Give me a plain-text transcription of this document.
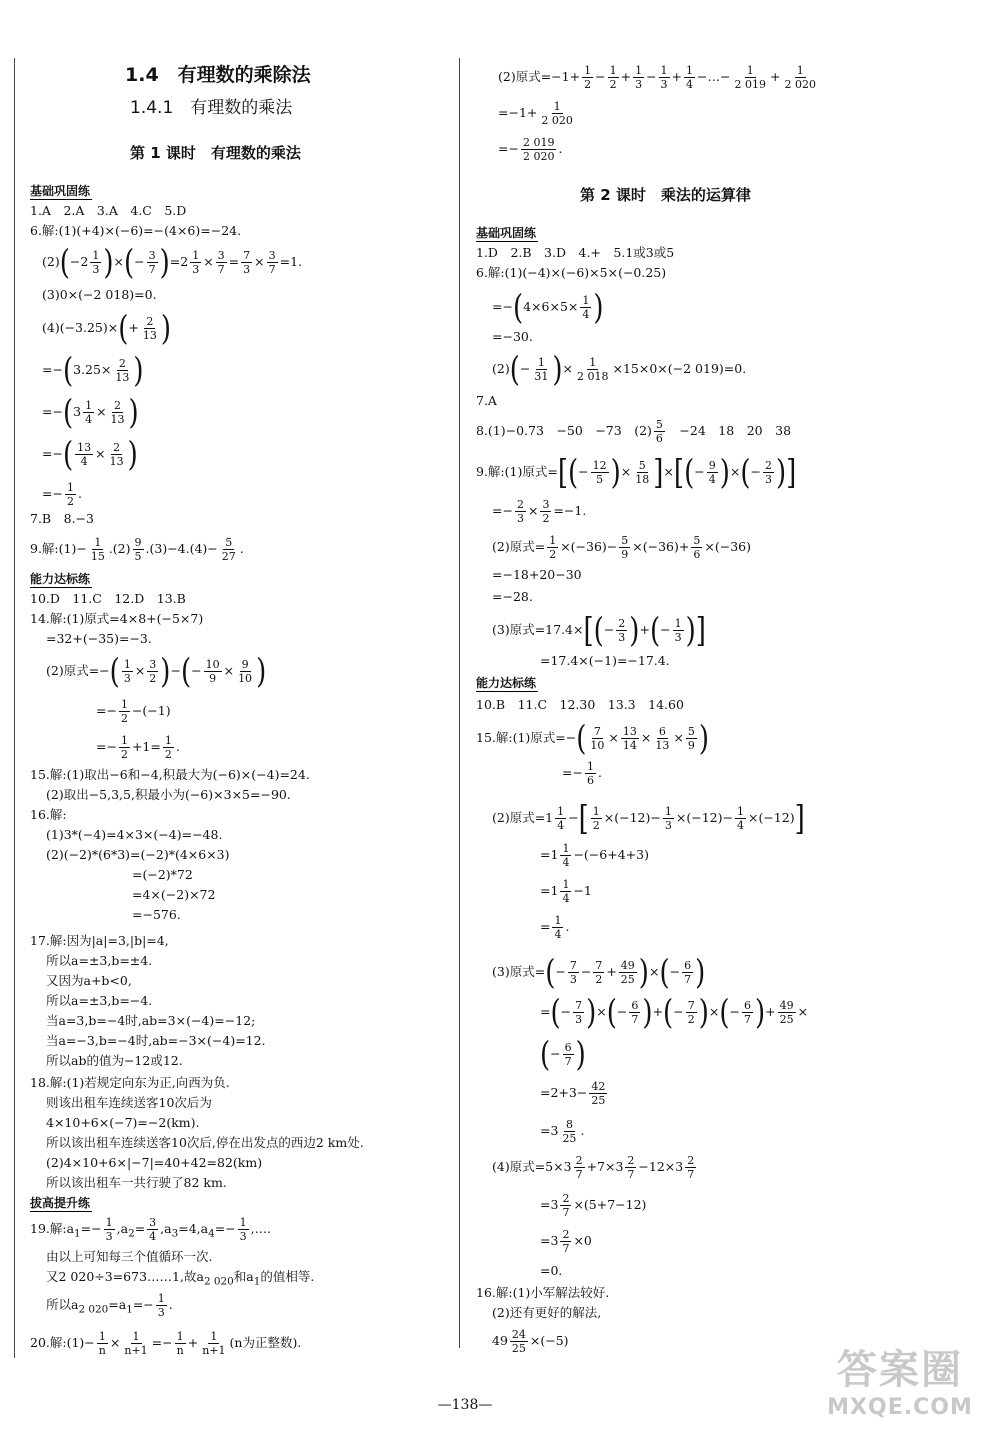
1.4　有理数的乘除法
1.4.1　有理数的乘法
第 1 课时　有理数的乘法
基础巩固练
1.A　2.A　3.A　4.C　5.D
6.解:(1)(+4)×(−6)=−(4×6)=−24.
$(2)(-2 \frac{1}{3}$ )×(− $\frac{3}{7} )=2 \frac{1}{3} \times \frac{3}{7} = \frac{7}{3} \times \frac{3}{7} =1$.
(3)0×(−2 018)=0.
$(4)(-3.25)\times(+ \frac{2}{13}$ )
$=-(3.25\times \frac{2}{13}$ )
$=-(3 \frac{1}{4} \times \frac{2}{13}$ )
=−( $\frac{13}{4} \times \frac{2}{13}$ )
=− $\frac{1}{2}$ .
7.B　8.−3
9.解:(1)− $\frac{1}{15} .(2) \frac{9}{5} .(3)-4.(4)- \frac{5}{27}$ .
能力达标练
10.D　11.C　12.D　13.B
14.解:(1)原式=4×8+(−5×7)
=32+(−35)=−3.
(2)原式=−( $\frac{1}{3} \times \frac{3}{2}$ )−(− $\frac{10}{9} \times \frac{9}{10}$ )
=− $\frac{1}{2} -(-1)$
=− $\frac{1}{2} +1= \frac{1}{2}$ .
15.解:(1)取出−6和−4,积最大为(−6)×(−4)=24.
(2)取出−5,3,5,积最小为(−6)×3×5=−90.
16.解:
(1)3*(−4)=4×3×(−4)=−48.
(2)(−2)*(6*3)=(−2)*(4×6×3)
=(−2)*72
=4×(−2)×72
=−576.
17.解:因为|a|=3,|b|=4,
所以a=±3,b=±4.
又因为a+b<0,
所以a=±3,b=−4.
当a=3,b=−4时,ab=3×(−4)=−12;
当a=−3,b=−4时,ab=−3×(−4)=12.
所以ab的值为−12或12.
18.解:(1)若规定向东为正,向西为负.
则该出租车连续送客10次后为
4×10+6×(−7)=−2(km).
所以该出租车连续送客10次后,停在出发点的西边2 km处.
(2)4×10+6×|−7|=40+42=82(km)
所以该出租车一共行驶了82 km.
拔高提升练
19.解$:a_1=- \frac{1}{3} ,a_2= \frac{3}{4} ,a_3=4,a_4=- \frac{1}{3}$ ,….
由以上可知每三个值循环一次.
又2 020÷3=673……1,故$a_{2 020}$和$a_1$的值相等.
所以$a_{2 020}=a_1=- \frac{1}{3}$ .
20.解:(1)− $\frac{1}{n} \times \frac{1}{n+1} =- \frac{1}{n} + \frac{1}{n+1} (n$为正整数).
(2)原式$=-1+ \frac{1}{2} - \frac{1}{2} + \frac{1}{3} - \frac{1}{3} + \frac{1}{4}$ −…− $\frac{1}{2 019} + \frac{1}{2 020}$
$=-1+ \frac{1}{2 020}$
=− $\frac{2 019}{2 020}$ .
第 2 课时　乘法的运算律
基础巩固练
1.D　2.B　3.D　4.+　5.1或3或5
6.解:(1)(−4)×(−6)×5×(−0.25)
$=-(4\times 6\times 5\times \frac{1}{4}$ )
=−30.
$(2)(- \frac{1}{31}$ )× $\frac{1}{2 018} \times 15\times 0\times(-2$ 019)=0.
7.A
8.(1)−0.73　−50　−73　$(2) \frac{5}{6}$
　 −24　18　20　38
9.解:(1)原式=[(− $\frac{12}{5}$ )× $\frac{5}{18}$ ]×[(− $\frac{9}{4}$ )×(− $\frac{2}{3}$ )]
=− $\frac{2}{3} \times \frac{3}{2} =-1$.
(2)原式= $\frac{1}{2} \times(-36)- \frac{5}{9} \times(-36)+ \frac{5}{6} \times(-36)$
=−18+20−30
=−28.
(3)原式$=17.4\times[(- \frac{2}{3}$ )+(− $\frac{1}{3}$ )]
=17.4×(−1)=−17.4.
能力达标练
10.B　11.C　12.30　13.3　14.60
15.解:(1)原式=−( $\frac{7}{10} \times \frac{13}{14} \times \frac{6}{13} \times \frac{5}{9}$ )
=− $\frac{1}{6}$ .
(2)原式$=1 \frac{1}{4}$ −[ $\frac{1}{2} \times(-12)- \frac{1}{3} \times(-12)- \frac{1}{4} \times(-12)$]
$=1 \frac{1}{4} -(-6+4+3)$
$=1 \frac{1}{4} -1$
= $\frac{1}{4}$ .
(3)原式=(− $\frac{7}{3} - \frac{7}{2} + \frac{49}{25}$ )×(− $\frac{6}{7}$ )
=(− $\frac{7}{3}$ )×(− $\frac{6}{7}$ )+(− $\frac{7}{2}$ )×(− $\frac{6}{7}$ )+ $\frac{49}{25}$ ×
(− $\frac{6}{7}$ )
$=2+3- \frac{42}{25}$
$=3 \frac{8}{25}$ .
(4)原式$=5\times 3 \frac{2}{7} +7\times 3 \frac{2}{7} -12\times 3 \frac{2}{7}$
$=3 \frac{2}{7} \times(5+7-12)$
$=3 \frac{2}{7} \times 0$
=0.
16.解:(1)小军解法较好.
(2)还有更好的解法,
$49 \frac{24}{25} \times(-5)$
—138—
答案圈
MXQE.COM
